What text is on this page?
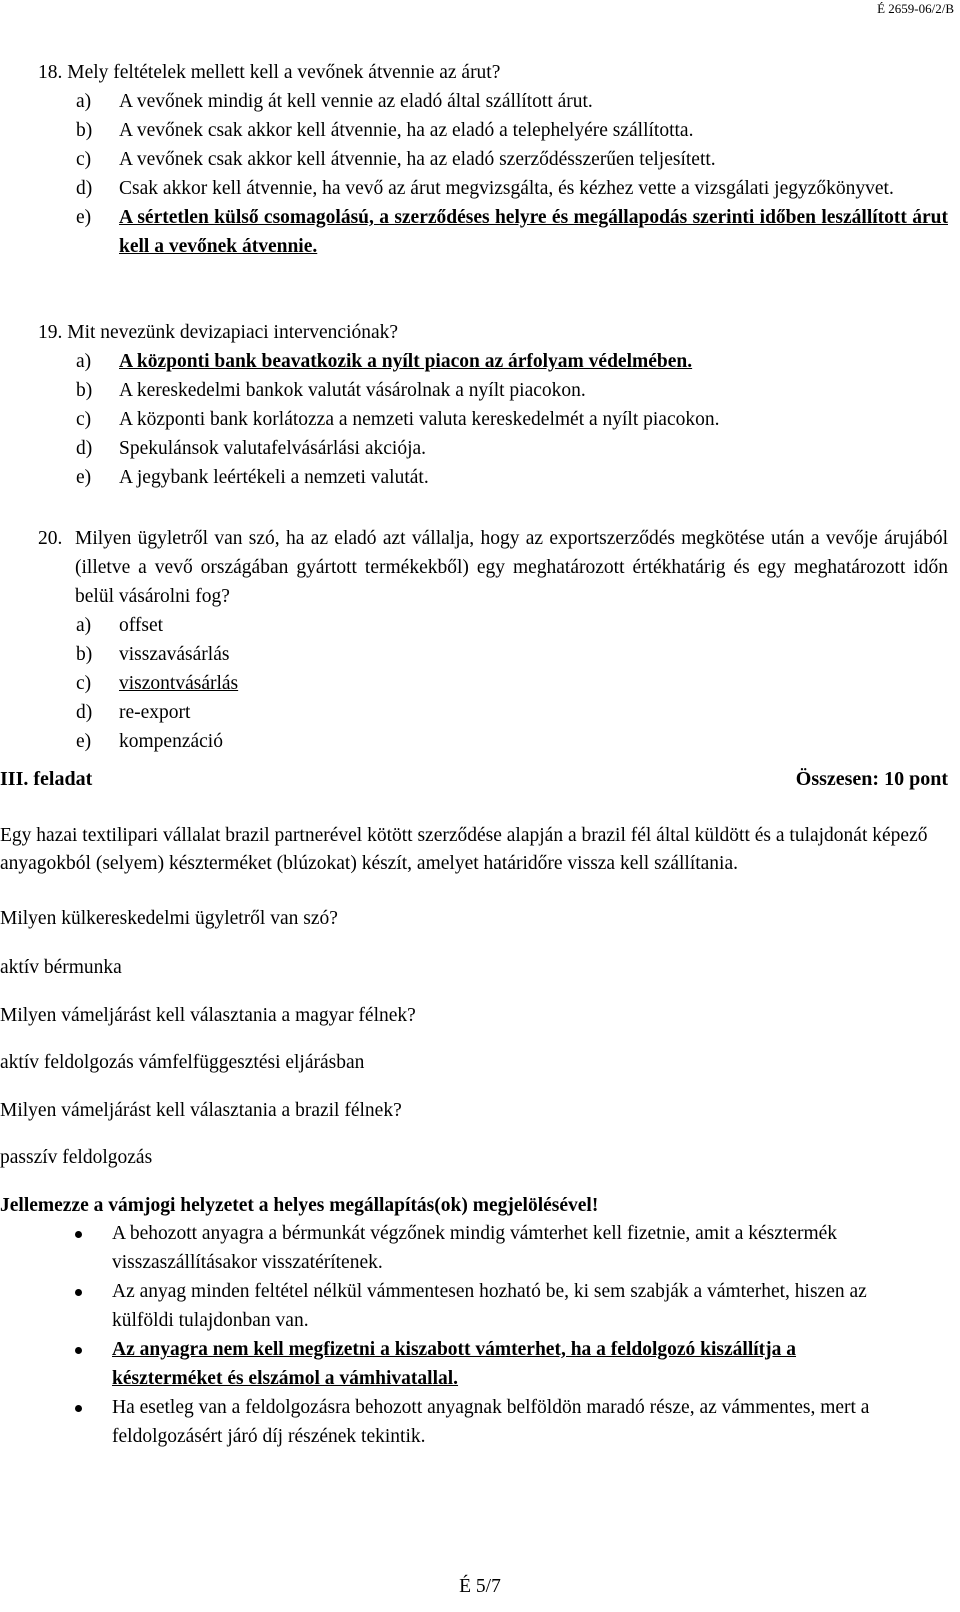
É 2659-06/2/B

18. Mely feltételek mellett kell a vevőnek átvennie az árut?

a)	A vevőnek mindig át kell vennie az eladó által szállított árut.
b)	A vevőnek csak akkor kell átvennie, ha az eladó a telephelyére szállította.
c)	A vevőnek csak akkor kell átvennie, ha az eladó szerződésszerűen teljesített.
d)	Csak akkor kell átvennie, ha vevő az árut megvizsgálta, és kézhez vette a vizsgálati jegyzőkönyvet.
e)	A sértetlen külső csomagolású, a szerződéses helyre és megállapodás szerinti időben leszállított árut kell a vevőnek átvennie.

19. Mit nevezünk devizapiaci intervenciónak?

a)	A központi bank beavatkozik a nyílt piacon az árfolyam védelmében.
b)	A kereskedelmi bankok valutát vásárolnak a nyílt piacokon.
c)	A központi bank korlátozza a nemzeti valuta kereskedelmét a nyílt piacokon.
d)	Spekulánsok valutafelvásárlási akciója.
e)	A jegybank leértékeli a nemzeti valutát.
20. Milyen ügyletről van szó, ha az eladó azt vállalja, hogy az exportszerződés megkötése után a vevője árujából (illetve a vevő országában gyártott termékekből) egy meghatározott értékhatárig és egy meghatározott időn belül vásárolni fog?
a)	offset
b)	visszavásárlás
c)	viszontvásárlás
d)	re-export
e)	kompenzáció
III. feladat	Összesen: 10 pont

Egy hazai textilipari vállalat brazil partnerével kötött szerződése alapján a brazil fél által küldött és a tulajdonát képező anyagokból (selyem) készterméket (blúzokat) készít, amelyet határidőre vissza kell szállítania.

Milyen külkereskedelmi ügyletről van szó?

aktív bérmunka

Milyen vámeljárást kell választania a magyar félnek?

aktív feldolgozás vámfelfüggesztési eljárásban

Milyen vámeljárást kell választania a brazil félnek?

passzív feldolgozás

Jellemezze a vámjogi helyzetet a helyes megállapítás(ok) megjelölésével!

A behozott anyagra a bérmunkát végzőnek mindig vámterhet kell fizetnie, amit a késztermék visszaszállításakor visszatérítenek.
Az anyag minden feltétel nélkül vámmentesen hozható be, ki sem szabják a vámterhet, hiszen az külföldi tulajdonban van.
Az anyagra nem kell megfizetni a kiszabott vámterhet, ha a feldolgozó kiszállítja a készterméket és elszámol a vámhivatallal.
Ha esetleg van a feldolgozásra behozott anyagnak belföldön maradó része, az vámmentes, mert a feldolgozásért járó díj részének tekintik.
É 5/7
